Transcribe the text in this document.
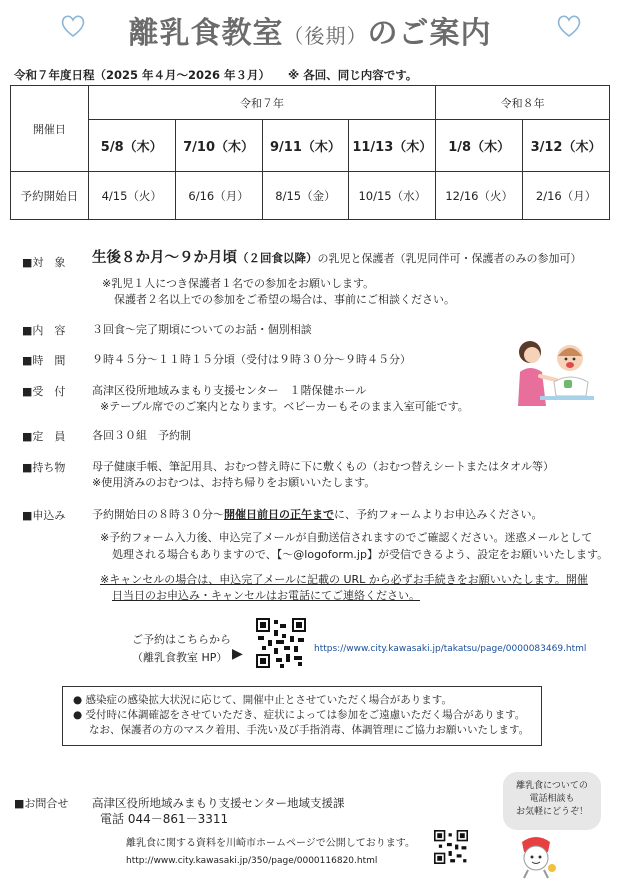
離乳食教室（後期）のご案内
令和７年度日程（2025 年４月～2026 年３月） ※ 各回、同じ内容です。
開催日	令和７年				令和８年	
	5/8（木）	7/10（木）	9/11（木）	11/13（木）	1/8（木）	3/12（木）
予約開始日	4/15（火）	6/16（月）	8/15（金）	10/15（水）	12/16（火）	2/16（月）
■対　象	生後８か月～９か月頃（２回食以降）の乳児と保護者（乳児同伴可・保護者のみの参加可）
※乳児１人につき保護者１名での参加をお願いします。
保護者２名以上での参加をご希望の場合は、事前にご相談ください。
■内　容	３回食～完了期頃についてのお話・個別相談
■時　間	９時４５分～１１時１５分頃（受付は９時３０分～９時４５分）
■受　付	高津区役所地域みまもり支援センター　１階保健ホール
※テーブル席でのご案内となります。ベビーカーもそのまま入室可能です。
■定　員	各回３０組　予約制
■持ち物	母子健康手帳、筆記用具、おむつ替え時に下に敷くもの（おむつ替えシートまたはタオル等）
※使用済みのおむつは、お持ち帰りをお願いいたします。
■申込み	予約開始日の８時３０分～開催日前日の正午までに、予約フォームよりお申込みください。
※予約フォーム入力後、申込完了メールが自動送信されますのでご確認ください。迷惑メールとして
処理される場合もありますので、【～@logoform.jp】が受信できるよう、設定をお願いいたします。
※キャンセルの場合は、申込完了メールに記載の URL から必ずお手続きをお願いいたします。開催
日当日のお申込み・キャンセルはお電話にてご連絡ください。
ご予約はこちらから
（離乳食教室 HP） ▶	https://www.city.kawasaki.jp/takatsu/page/0000083469.html
● 感染症の感染拡大状況に応じて、開催中止とさせていただく場合があります。
● 受付時に体調確認をさせていただき、症状によっては参加をご遠慮いただく場合があります。
なお、保護者の方のマスク着用、手洗い及び手指消毒、体調管理にご協力お願いいたします。
■お問合せ	高津区役所地域みまもり支援センター地域支援課
電話 044－861－3311
離乳食についての
電話相談も
お気軽にどうぞ！
離乳食に関する資料を川崎市ホームページで公開しております。
http://www.city.kawasaki.jp/350/page/0000116820.html
